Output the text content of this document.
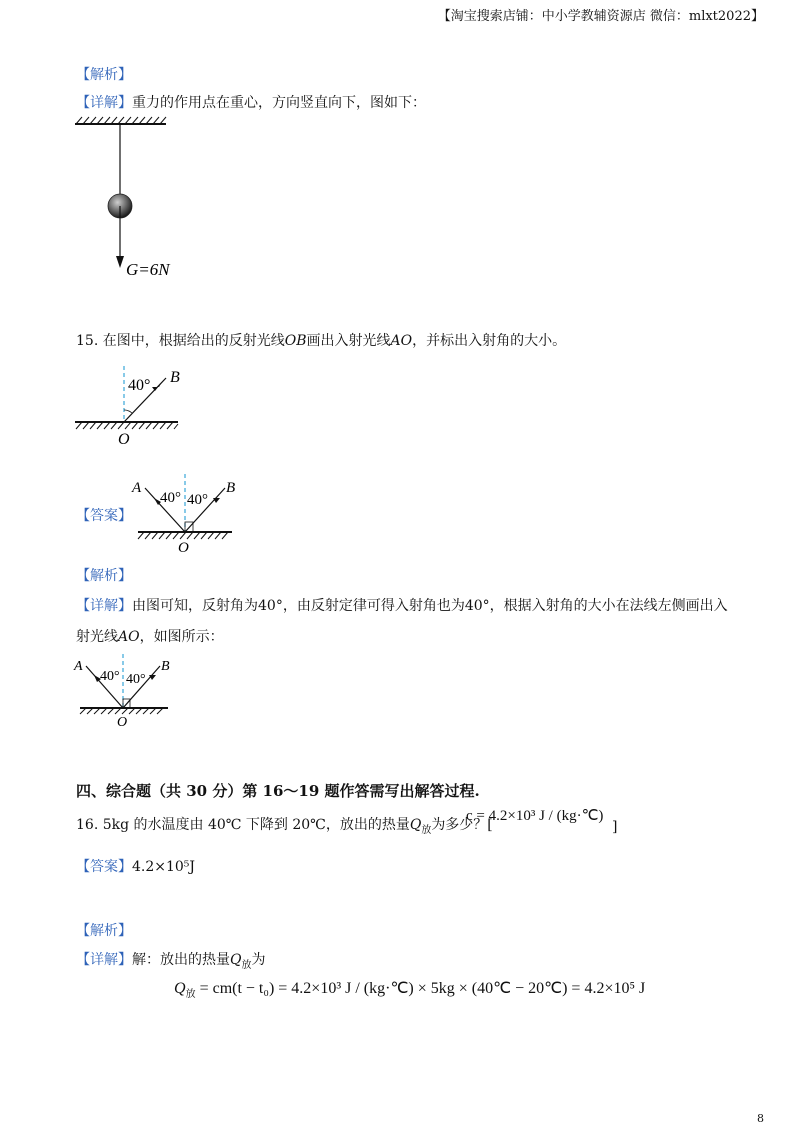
【淘宝搜索店铺：中小学教辅资源店 微信：mlxt2022】
【解析】
【详解】重力的作用点在重心，方向竖直向下，图如下：
G=6N
15. 在图中，根据给出的反射光线OB画出入射光线AO，并标出入射角的大小。
40° B
O
【答案】
40° 40°
A	B
O
【解析】
【详解】由图可知，反射角为40°，由反射定律可得入射角也为40°，根据入射角的大小在法线左侧画出入
射光线AO，如图所示：
40° 40°
A	B
O
四、综合题（共 30 分）第 16～19 题作答需写出解答过程.
16. 5kg 的水温度由 40℃ 下降到 20℃，放出的热量$Q_放$为多少？[
c = 4.2×10³ J / (kg·℃)
]
【答案】4.2×10⁵J
【解析】
【详解】解：放出的热量$Q_放$为
$Q_放 = cm(t - t_0) = 4.2\times 10^3$ J / (kg·℃) × 5kg × (40℃ − 20℃) = 4.2×10⁵ J
8
